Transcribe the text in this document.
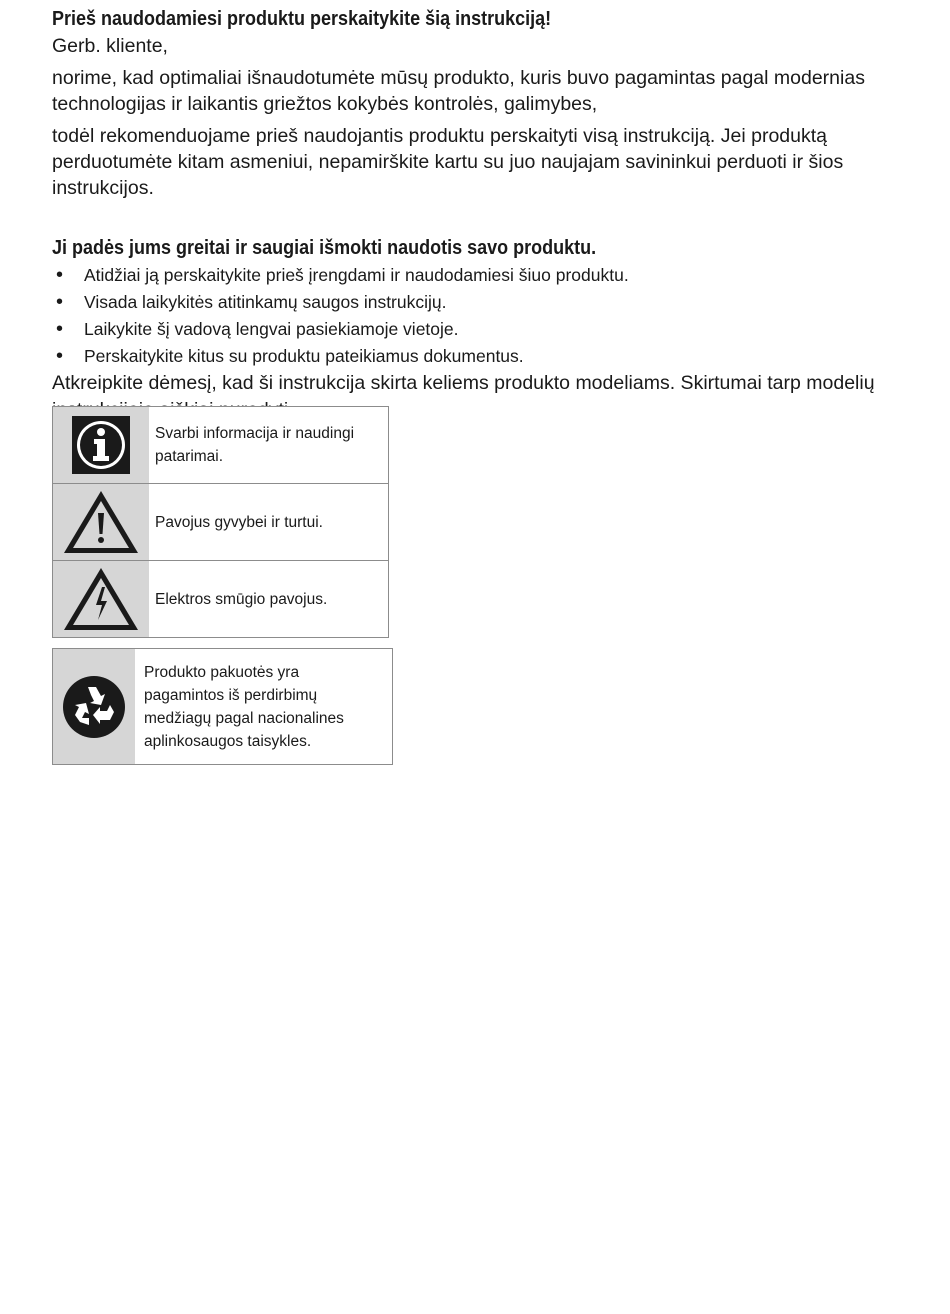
Prieš naudodamiesi produktu perskaitykite šią instrukciją!

Gerb. kliente,

norime, kad optimaliai išnaudotumėte mūsų produkto, kuris buvo pagamintas pagal modernias technologijas ir laikantis griežtos kokybės kontrolės, galimybes,

todėl rekomenduojame prieš naudojantis produktu perskaityti visą instrukciją. Jei produktą perduotumėte kitam asmeniui, nepamirškite kartu su juo naujajam savininkui perduoti ir šios instrukcijos.

Ji padės jums greitai ir saugiai išmokti naudotis savo produktu.

• Atidžiai ją perskaitykite prieš įrengdami ir naudodamiesi šiuo produktu.
• Visada laikykitės atitinkamų saugos instrukcijų.
• Laikykite šį vadovą lengvai pasiekiamoje vietoje.
• Perskaitykite kitus su produktu pateikiamus dokumentus.

Atkreipkite dėmesį, kad ši instrukcija skirta keliems produkto modeliams. Skirtumai tarp modelių

Svarbi informacija ir naudingi patarimai.
Pavojus gyvybei ir turtui.
Elektros smūgio pavojus.
Produkto pakuotės yra pagamintos iš perdirbimų medžiagų pagal nacionalines aplinkosaugos taisykles.
